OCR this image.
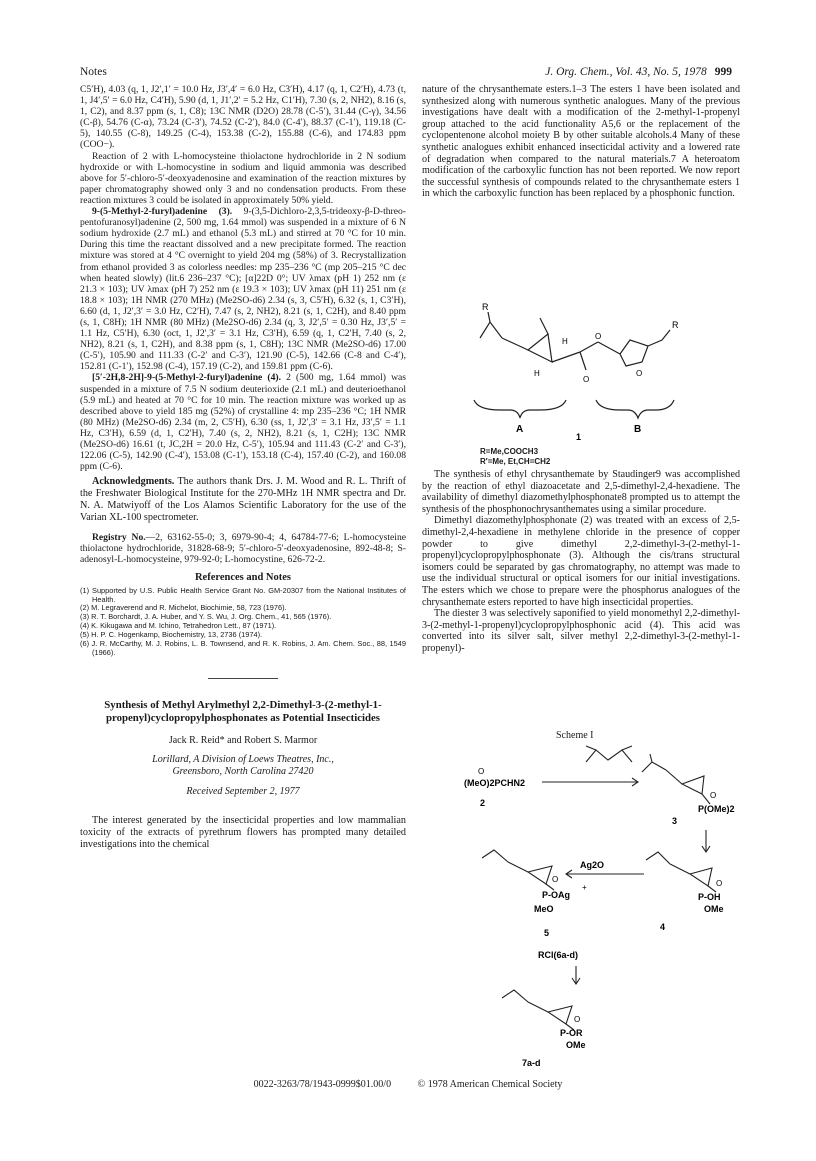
Notes	J. Org. Chem., Vol. 43, No. 5, 1978 999

C5′H), 4.03 (q, 1, J2′,1′ = 10.0 Hz, J3′,4′ = 6.0 Hz, C3′H), 4.17 (q, 1, C2′H), 4.73 (t, 1, J4′,5′ = 6.0 Hz, C4′H), 5.90 (d, 1, J1′,2′ = 5.2 Hz, C1′H), 7.30 (s, 2, NH2), 8.16 (s, 1, C2), and 8.37 ppm (s, 1, C8); 13C NMR (D2O) 28.78 (C-5′), 31.44 (C-γ), 34.56 (C-β), 54.76 (C-α), 73.24 (C-3′), 74.52 (C-2′), 84.0 (C-4′), 88.37 (C-1′), 119.18 (C-5), 140.55 (C-8), 149.25 (C-4), 153.38 (C-2), 155.88 (C-6), and 174.83 ppm (COO−).

Reaction of 2 with L-homocysteine thiolactone hydrochloride in 2 N sodium hydroxide or with L-homocystine in sodium and liquid ammonia was described above for 5′-chloro-5′-deoxyadenosine and examination of the reaction mixtures by paper chromatography showed only 3 and no condensation products. From these reaction mixtures 3 could be isolated in approximately 50% yield.

9-(5-Methyl-2-furyl)adenine (3). 9-(3,5-Dichloro-2,3,5-trideoxy-β-D-threo-pentofuranosyl)adenine (2, 500 mg, 1.64 mmol) was suspended in a mixture of 6 N sodium hydroxide (2.7 mL) and ethanol (5.3 mL) and stirred at 70 °C for 10 min. During this time the reactant dissolved and a new precipitate formed. The reaction mixture was stored at 4 °C overnight to yield 204 mg (58%) of 3. Recrystallization from ethanol provided 3 as colorless needles: mp 235–236 °C (mp 205–215 °C dec when heated slowly) (lit.6 236–237 °C); [α]22D 0°; UV λmax (pH 1) 252 nm (ε 21.3 × 103); UV λmax (pH 7) 252 nm (ε 19.3 × 103); UV λmax (pH 11) 251 nm (ε 18.8 × 103); 1H NMR (270 MHz) (Me2SO-d6) 2.34 (s, 3, C5′H), 6.32 (s, 1, C3′H), 6.60 (d, 1, J2′,3′ = 3.0 Hz, C2′H), 7.47 (s, 2, NH2), 8.21 (s, 1, C2H), and 8.40 ppm (s, 1, C8H); 1H NMR (80 MHz) (Me2SO-d6) 2.34 (q, 3, J2′,5′ = 0.30 Hz, J3′,5′ = 1.1 Hz, C5′H), 6.30 (oct, 1, J2′,3′ = 3.1 Hz, C3′H), 6.59 (q, 1, C2′H, 7.40 (s, 2, NH2), 8.21 (s, 1, C2H), and 8.38 ppm (s, 1, C8H); 13C NMR (Me2SO-d6) 17.00 (C-5′), 105.90 and 111.33 (C-2′ and C-3′), 121.90 (C-5), 142.66 (C-8 and C-4′), 152.81 (C-1′), 152.98 (C-4), 157.19 (C-2), and 159.81 ppm (C-6).

[5′-2H,8-2H]-9-(5-Methyl-2-furyl)adenine (4). 2 (500 mg, 1.64 mmol) was suspended in a mixture of 7.5 N sodium deuterioxide (2.1 mL) and deuterioethanol (5.9 mL) and heated at 70 °C for 10 min. The reaction mixture was worked up as described above to yield 185 mg (52%) of crystalline 4: mp 235–236 °C; 1H NMR (80 MHz) (Me2SO-d6) 2.34 (m, 2, C5′H), 6.30 (ss, 1, J2′,3′ = 3.1 Hz, J3′,5′ = 1.1 Hz, C3′H), 6.59 (d, 1, C2′H), 7.40 (s, 2, NH2), 8.21 (s, 1, C2H); 13C NMR (Me2SO-d6) 16.61 (t, JC,2H = 20.0 Hz, C-5′), 105.94 and 111.43 (C-2′ and C-3′), 122.06 (C-5), 142.90 (C-4′), 153.08 (C-1′), 153.18 (C-4), 157.40 (C-2), and 160.08 ppm (C-6).

Acknowledgments. The authors thank Drs. J. M. Wood and R. L. Thrift of the Freshwater Biological Institute for the 270-MHz 1H NMR spectra and Dr. N. A. Matwiyoff of the Los Alamos Scientific Laboratory for the use of the Varian XL-100 spectrometer.

Registry No.—2, 63162-55-0; 3, 6979-90-4; 4, 64784-77-6; L-homocysteine thiolactone hydrochloride, 31828-68-9; 5′-chloro-5′-deoxyadenosine, 892-48-8; S-adenosyl-L-homocysteine, 979-92-0; L-homocystine, 626-72-2.

References and Notes
(1) Supported by U.S. Public Health Service Grant No. GM-20307 from the National Institutes of Health.
(2) M. Legraverend and R. Michelot, Biochimie, 58, 723 (1976).
(3) R. T. Borchardt, J. A. Huber, and Y. S. Wu, J. Org. Chem., 41, 565 (1976).
(4) K. Kikugawa and M. Ichino, Tetrahedron Lett., 87 (1971).
(5) H. P. C. Hogenkamp, Biochemistry, 13, 2736 (1974).
(6) J. R. McCarthy, M. J. Robins, L. B. Townsend, and R. K. Robins, J. Am. Chem. Soc., 88, 1549 (1966).
Synthesis of Methyl Arylmethyl 2,2-Dimethyl-3-(2-methyl-1-propenyl)cyclopropylphosphonates as Potential Insecticides
Jack R. Reid* and Robert S. Marmor
Lorillard, A Division of Loews Theatres, Inc.,
Greensboro, North Carolina 27420
Received September 2, 1977

The interest generated by the insecticidal properties and low mammalian toxicity of the extracts of pyrethrum flowers has prompted many detailed investigations into the chemical

nature of the chrysanthemate esters.1–3 The esters 1 have been isolated and synthesized along with numerous synthetic analogues. Many of the previous investigations have dealt with a modification of the 2-methyl-1-propenyl group attached to the acid functionality A5,6 or the replacement of the cyclopentenone alcohol moiety B by other suitable alcohols.4 Many of these synthetic analogues exhibit enhanced insecticidal activity and a lowered rate of degradation when compared to the natural materials.7 A heteroatom modification of the carboxylic function has not been reported. We now report the successful synthesis of compounds related to the chrysanthemate esters 1 in which the carboxylic function has been replaced by a phosphonic function.

R
H
H
O
O
O
R
A	B
1
R=Me,COOCH3
R′=Me, Et,CH=CH2

The synthesis of ethyl chrysanthemate by Staudinger9 was accomplished by the reaction of ethyl diazoacetate and 2,5-dimethyl-2,4-hexadiene. The availability of dimethyl diazomethylphosphonate8 prompted us to attempt the synthesis of the phosphonochrysanthemates using a similar procedure.

Dimethyl diazomethylphosphonate (2) was treated with an excess of 2,5-dimethyl-2,4-hexadiene in methylene chloride in the presence of copper powder to give dimethyl 2,2-dimethyl-3-(2-methyl-1-propenyl)cyclopropylphosphonate (3). Although the cis/trans structural isomers could be separated by gas chromatography, no attempt was made to use the individual structural or optical isomers for our initial investigations. The esters which we chose to prepare were the phosphorus analogues of the chrysanthemate esters reported to have high insecticidal properties.

The diester 3 was selectively saponified to yield monomethyl 2,2-dimethyl-3-(2-methyl-1-propenyl)cyclopropylphosphonic acid (4). This acid was converted into its silver salt, silver methyl 2,2-dimethyl-3-(2-methyl-1-propenyl)-

Scheme I
O
(MeO)2PCHN2
2
O
P(OMe)2
3
Ag2O
O
P-OH
OMe
4
O
P-OAg
+
MeO
5
RCl(6a-d)
O
P-OR
OMe
7a-d
0022-3263/78/1943-0999$01.00/0	© 1978 American Chemical Society
